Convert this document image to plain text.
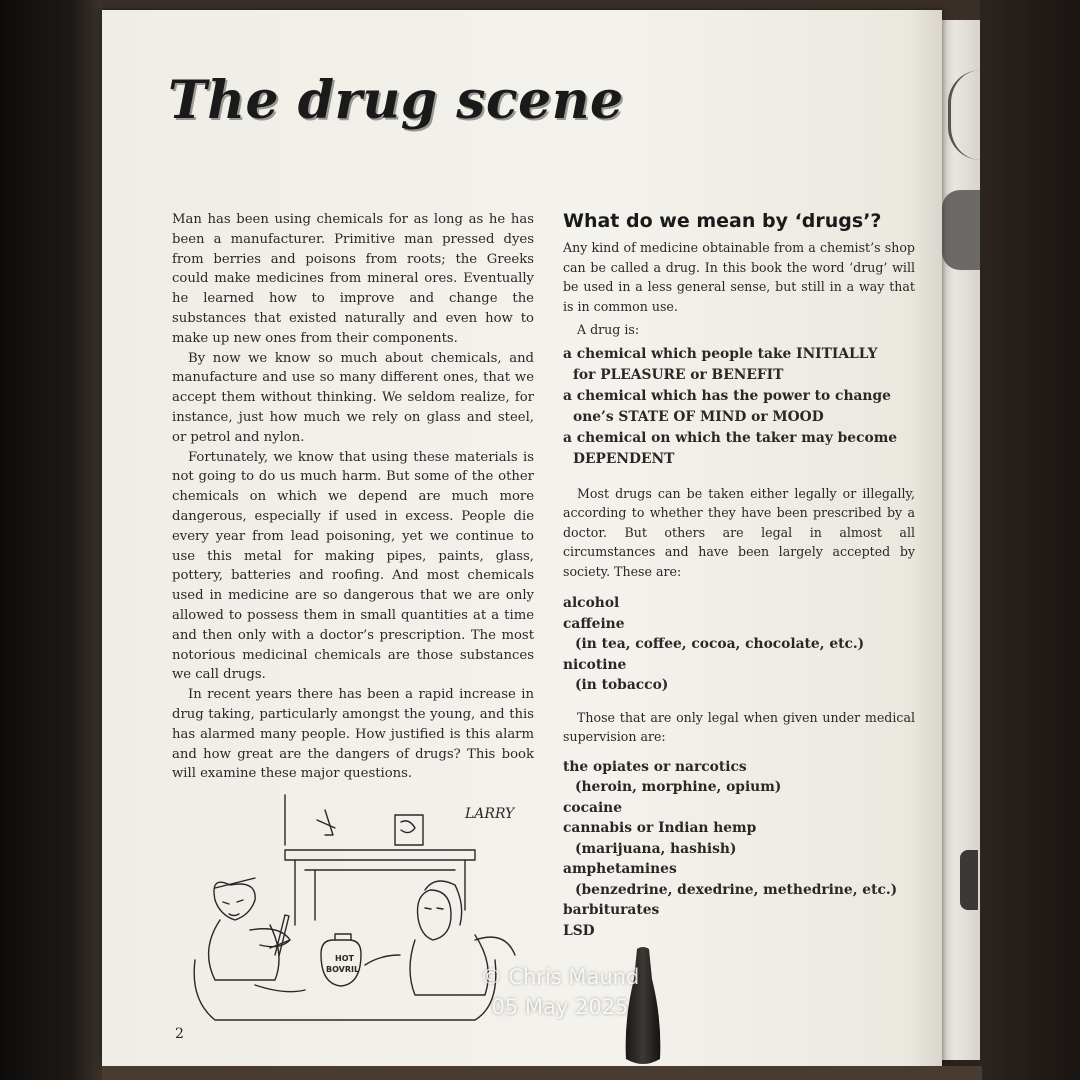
The drug scene

Man has been using chemicals for as long as he has been a manufacturer. Primitive man pressed dyes from berries and poisons from roots; the Greeks could make medicines from mineral ores. Eventually he learned how to improve and change the substances that existed naturally and even how to make up new ones from their components.

By now we know so much about chemicals, and manufacture and use so many different ones, that we accept them without thinking. We seldom realize, for instance, just how much we rely on glass and steel, or petrol and nylon.

Fortunately, we know that using these materials is not going to do us much harm. But some of the other chemicals on which we depend are much more dangerous, especially if used in excess. People die every year from lead poisoning, yet we continue to use this metal for making pipes, paints, glass, pottery, batteries and roofing. And most chemicals used in medicine are so dangerous that we are only allowed to possess them in small quantities at a time and then only with a doctor’s prescription. The most notorious medicinal chemicals are those substances we call drugs.

In recent years there has been a rapid increase in drug taking, particularly amongst the young, and this has alarmed many people. How justified is this alarm and how great are the dangers of drugs? This book will examine these major questions.

What do we mean by ‘drugs’?

Any kind of medicine obtainable from a chemist’s shop can be called a drug. In this book the word ‘drug’ will be used in a less general sense, but still in a way that is in common use.

A drug is:

a chemical which people take INITIALLY
for PLEASURE or BENEFIT

a chemical which has the power to change
one’s STATE OF MIND or MOOD

a chemical on which the taker may become
DEPENDENT

Most drugs can be taken either legally or illegally, according to whether they have been prescribed by a doctor. But others are legal in almost all circumstances and have been largely accepted by society. These are:

alcohol
caffeine
(in tea, coffee, cocoa, chocolate, etc.)
nicotine
(in tobacco)

Those that are only legal when given under medical supervision are:

the opiates or narcotics
(heroin, morphine, opium)
cocaine
cannabis or Indian hemp
(marijuana, hashish)
amphetamines
(benzedrine, dexedrine, methedrine, etc.)
barbiturates
LSD
LARRY
HOT
BOVRIL

2

© Chris Maund
05 May 2025
